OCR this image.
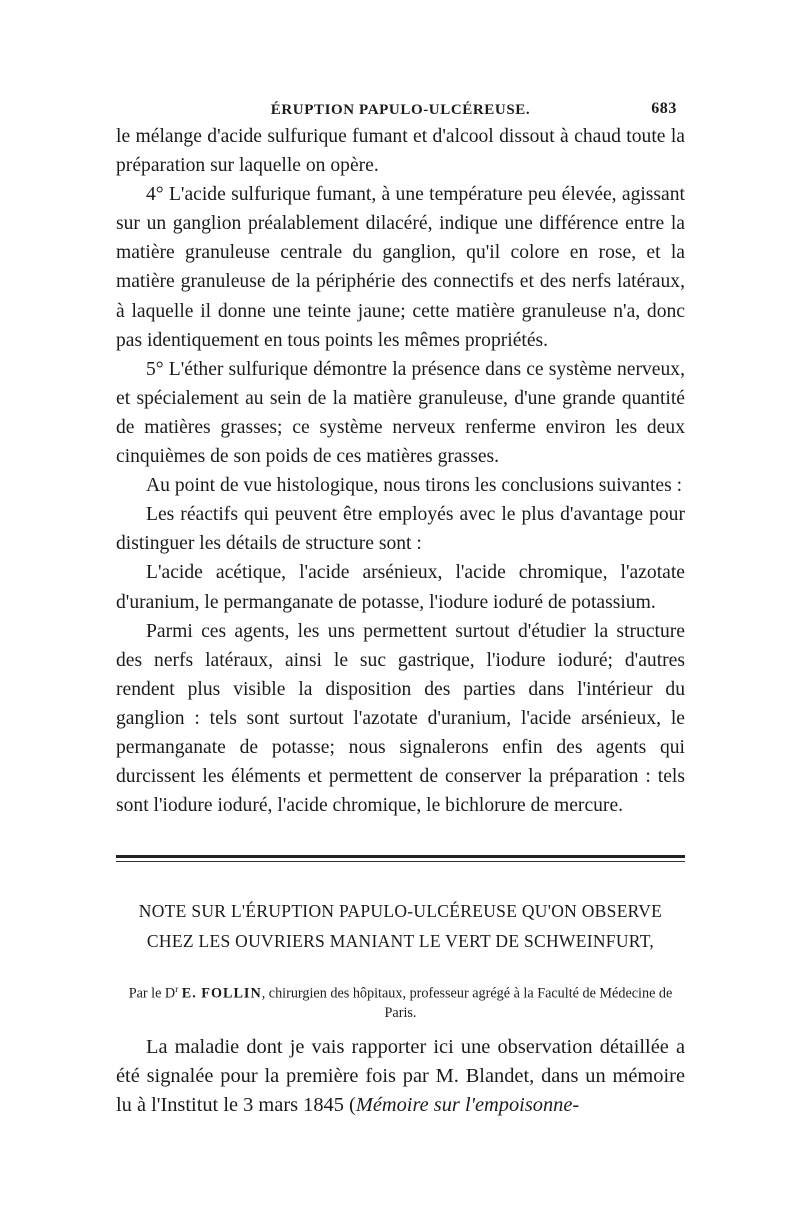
ÉRUPTION PAPULO-ULCÉREUSE.	683

le mélange d'acide sulfurique fumant et d'alcool dissout à chaud toute la préparation sur laquelle on opère.

4° L'acide sulfurique fumant, à une température peu élevée, agissant sur un ganglion préalablement dilacéré, indique une différence entre la matière granuleuse centrale du ganglion, qu'il colore en rose, et la matière granuleuse de la périphérie des connectifs et des nerfs latéraux, à laquelle il donne une teinte jaune; cette matière granuleuse n'a, donc pas identiquement en tous points les mêmes propriétés.

5° L'éther sulfurique démontre la présence dans ce système nerveux, et spécialement au sein de la matière granuleuse, d'une grande quantité de matières grasses; ce système nerveux renferme environ les deux cinquièmes de son poids de ces matières grasses.

Au point de vue histologique, nous tirons les conclusions suivantes :

Les réactifs qui peuvent être employés avec le plus d'avantage pour distinguer les détails de structure sont :

L'acide acétique, l'acide arsénieux, l'acide chromique, l'azotate d'uranium, le permanganate de potasse, l'iodure ioduré de potassium.

Parmi ces agents, les uns permettent surtout d'étudier la structure des nerfs latéraux, ainsi le suc gastrique, l'iodure ioduré; d'autres rendent plus visible la disposition des parties dans l'intérieur du ganglion : tels sont surtout l'azotate d'uranium, l'acide arsénieux, le permanganate de potasse; nous signalerons enfin des agents qui durcissent les éléments et permettent de conserver la préparation : tels sont l'iodure ioduré, l'acide chromique, le bichlorure de mercure.

NOTE SUR L'ÉRUPTION PAPULO-ULCÉREUSE QU'ON OBSERVE

CHEZ LES OUVRIERS MANIANT LE VERT DE SCHWEINFURT,

Par le $D^r$ E. FOLLIN, chirurgien des hôpitaux, professeur agrégé à la Faculté de Médecine de Paris.

La maladie dont je vais rapporter ici une observation détaillée a été signalée pour la première fois par M. Blandet, dans un mémoire lu à l'Institut le 3 mars 1845 (Mémoire sur l'empoisonne-
